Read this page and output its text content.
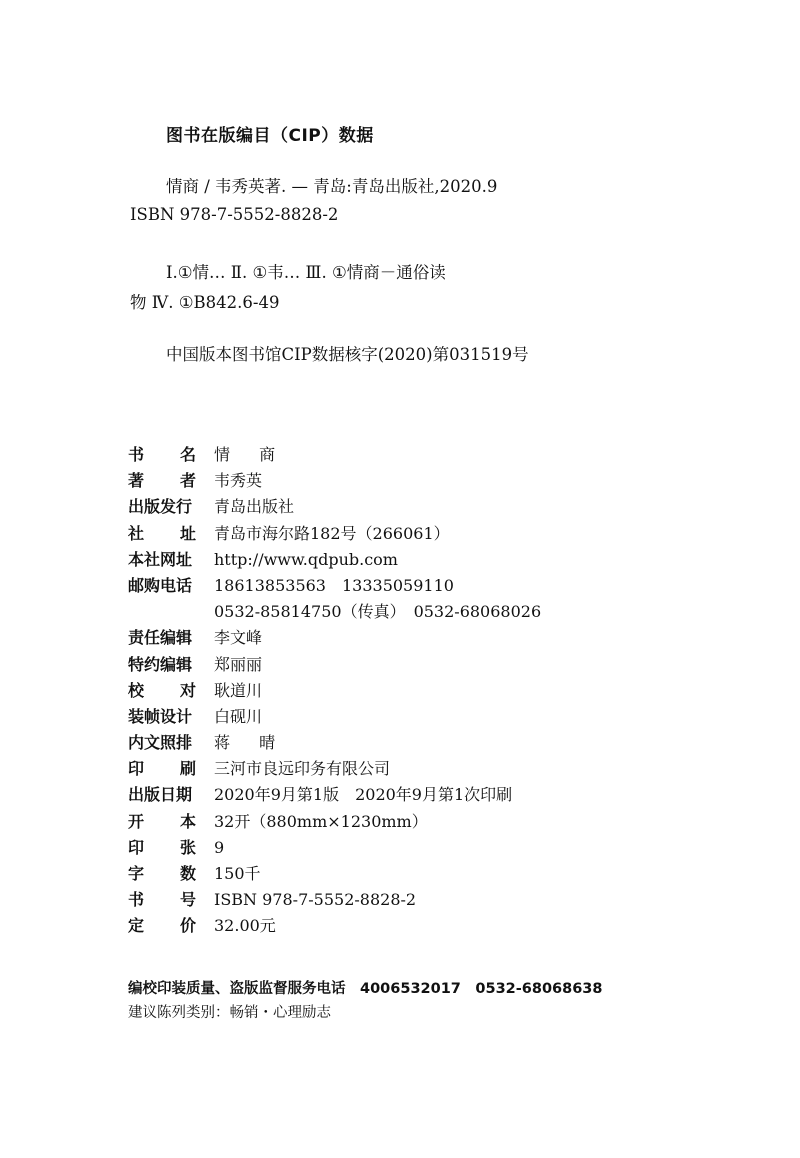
图书在版编目（CIP）数据
情商 / 韦秀英著. — 青岛:青岛出版社,2020.9
ISBN 978-7-5552-8828-2
Ⅰ.①情… Ⅱ. ①韦… Ⅲ. ①情商－通俗读
物 Ⅳ. ①B842.6-49
中国版本图书馆CIP数据核字(2020)第031519号
书 名 情 商
著 者 韦秀英
出版发行 青岛出版社
社 址 青岛市海尔路182号（266061）
本社网址 http://www.qdpub.com
邮购电话 18613853563　13335059110
0532-85814750（传真）　0532-68068026
责任编辑 李文峰
特约编辑 郑丽丽
校 对 耿道川
装帧设计 白砚川
内文照排 蒋 晴
印 刷 三河市良远印务有限公司
出版日期 2020年9月第1版　2020年9月第1次印刷
开 本 32开（880mm×1230mm）
印 张 9
字 数 150千
书 号 ISBN 978-7-5552-8828-2
定 价 32.00元
编校印装质量、盗版监督服务电话　4006532017　0532-68068638
建议陈列类别：畅销・心理励志
